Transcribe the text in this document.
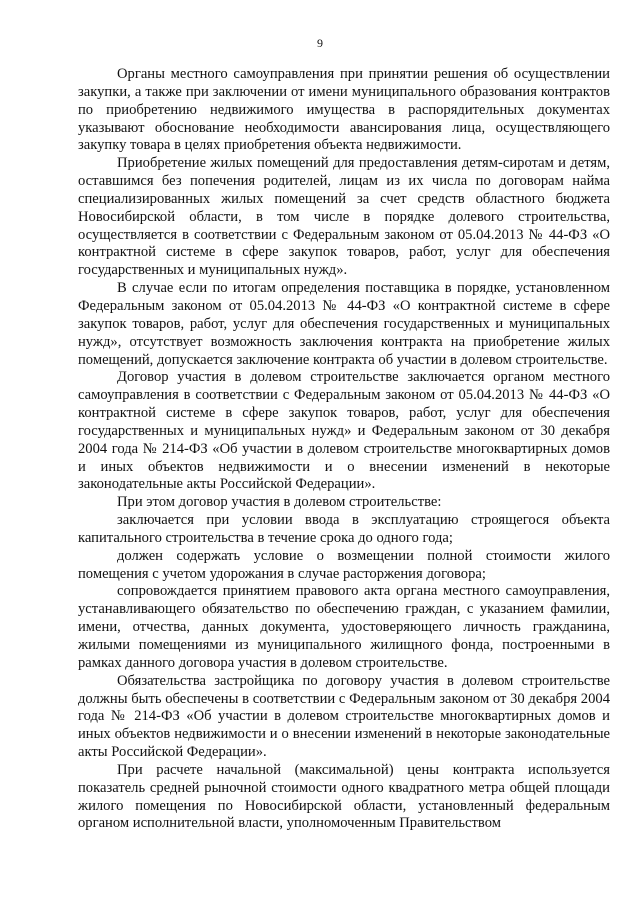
9

Органы местного самоуправления при принятии решения об осуществлении закупки, а также при заключении от имени муниципального образования контрактов по приобретению недвижимого имущества в распорядительных документах указывают обоснование необходимости авансирования лица, осуществляющего закупку товара в целях приобретения объекта недвижимости.

Приобретение жилых помещений для предоставления детям-сиротам и детям, оставшимся без попечения родителей, лицам из их числа по договорам найма специализированных жилых помещений за счет средств областного бюджета Новосибирской области, в том числе в порядке долевого строительства, осуществляется в соответствии с Федеральным законом от 05.04.2013 № 44-ФЗ «О контрактной системе в сфере закупок товаров, работ, услуг для обеспечения государственных и муниципальных нужд».

В случае если по итогам определения поставщика в порядке, установленном Федеральным законом от 05.04.2013 № 44-ФЗ «О контрактной системе в сфере закупок товаров, работ, услуг для обеспечения государственных и муниципальных нужд», отсутствует возможность заключения контракта на приобретение жилых помещений, допускается заключение контракта об участии в долевом строительстве.

Договор участия в долевом строительстве заключается органом местного самоуправления в соответствии с Федеральным законом от 05.04.2013 № 44-ФЗ «О контрактной системе в сфере закупок товаров, работ, услуг для обеспечения государственных и муниципальных нужд» и Федеральным законом от 30 декабря 2004 года № 214-ФЗ «Об участии в долевом строительстве многоквартирных домов и иных объектов недвижимости и о внесении изменений в некоторые законодательные акты Российской Федерации».

При этом договор участия в долевом строительстве:

заключается при условии ввода в эксплуатацию строящегося объекта капитального строительства в течение срока до одного года;

должен содержать условие о возмещении полной стоимости жилого помещения с учетом удорожания в случае расторжения договора;

сопровождается принятием правового акта органа местного самоуправления, устанавливающего обязательство по обеспечению граждан, с указанием фамилии, имени, отчества, данных документа, удостоверяющего личность гражданина, жилыми помещениями из муниципального жилищного фонда, построенными в рамках данного договора участия в долевом строительстве.

Обязательства застройщика по договору участия в долевом строительстве должны быть обеспечены в соответствии с Федеральным законом от 30 декабря 2004 года № 214-ФЗ «Об участии в долевом строительстве многоквартирных домов и иных объектов недвижимости и о внесении изменений в некоторые законодательные акты Российской Федерации».

При расчете начальной (максимальной) цены контракта используется показатель средней рыночной стоимости одного квадратного метра общей площади жилого помещения по Новосибирской области, установленный федеральным органом исполнительной власти, уполномоченным Правительством
